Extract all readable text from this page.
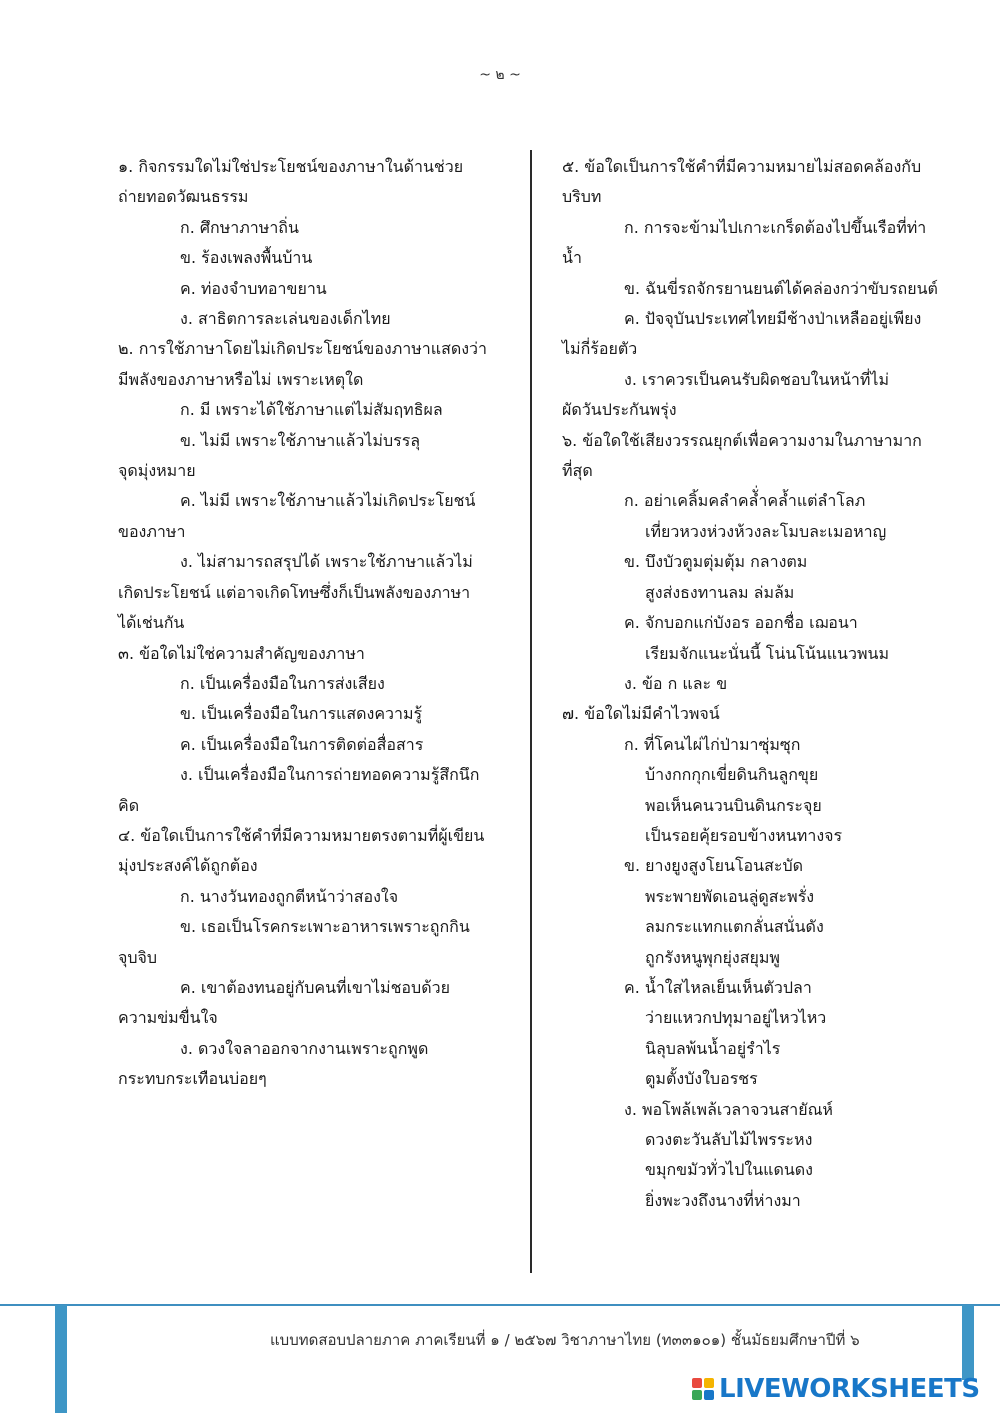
~ ๒ ~
๑. กิจกรรมใดไม่ใช่ประโยชน์ของภาษาในด้านช่วย
ถ่ายทอดวัฒนธรรม
ก. ศึกษาภาษาถิ่น
ข. ร้องเพลงพื้นบ้าน
ค. ท่องจำบทอาขยาน
ง. สาธิตการละเล่นของเด็กไทย
๒. การใช้ภาษาโดยไม่เกิดประโยชน์ของภาษาแสดงว่า
มีพลังของภาษาหรือไม่ เพราะเหตุใด
ก. มี เพราะได้ใช้ภาษาแต่ไม่สัมฤทธิผล
ข. ไม่มี เพราะใช้ภาษาแล้วไม่บรรลุ
จุดมุ่งหมาย
ค. ไม่มี เพราะใช้ภาษาแล้วไม่เกิดประโยชน์
ของภาษา
ง. ไม่สามารถสรุปได้ เพราะใช้ภาษาแล้วไม่
เกิดประโยชน์ แต่อาจเกิดโทษซึ่งก็เป็นพลังของภาษา
ได้เช่นกัน
๓. ข้อใดไม่ใช่ความสำคัญของภาษา
ก. เป็นเครื่องมือในการส่งเสียง
ข. เป็นเครื่องมือในการแสดงความรู้
ค. เป็นเครื่องมือในการติดต่อสื่อสาร
ง. เป็นเครื่องมือในการถ่ายทอดความรู้สึกนึก
คิด
๔. ข้อใดเป็นการใช้คำที่มีความหมายตรงตามที่ผู้เขียน
มุ่งประสงค์ได้ถูกต้อง
ก. นางวันทองถูกตีหน้าว่าสองใจ
ข. เธอเป็นโรคกระเพาะอาหารเพราะถูกกิน
จุบจิบ
ค. เขาต้องทนอยู่กับคนที่เขาไม่ชอบด้วย
ความข่มขื่นใจ
ง. ดวงใจลาออกจากงานเพราะถูกพูด
กระทบกระเทือนบ่อยๆ
๕. ข้อใดเป็นการใช้คำที่มีความหมายไม่สอดคล้องกับ
บริบท
ก. การจะข้ามไปเกาะเกร็ดต้องไปขึ้นเรือที่ท่า
น้ำ
ข. ฉันขี่รถจักรยานยนต์ได้คล่องกว่าขับรถยนต์
ค. ปัจจุบันประเทศไทยมีช้างป่าเหลืออยู่เพียง
ไม่กี่ร้อยตัว
ง. เราควรเป็นคนรับผิดชอบในหน้าที่ไม่
ผัดวันประกันพรุ่ง
๖. ข้อใดใช้เสียงวรรณยุกต์เพื่อความงามในภาษามาก
ที่สุด
ก. อย่าเคลิ้มคลำคลั่ำคล้ำแต่ลำโลภ
เที่ยวหวงห่วงห้วงละโมบละเมอหาญ
ข. บึงบัวตูมตุ่มตุ้ม กลางตม
สูงส่งธงทานลม ล่มล้ม
ค. จักบอกแก่บังอร ออกชื่อ เฌอนา
เรียมจักแนะนั่นนี้ โน่นโน้นแนวพนม
ง. ข้อ ก และ ข
๗. ข้อใดไม่มีคำไวพจน์
ก. ที่โคนไผ่ไก่ป่ามาซุ่มซุก
บ้างกกกุกเขี่ยดินกินลูกขุย
พอเห็นคนวนบินดินกระจุย
เป็นรอยคุ้ยรอบข้างหนทางจร
ข. ยางยูงสูงโยนโอนสะบัด
พระพายพัดเอนลู่ดูสะพรั่ง
ลมกระแทกแตกลั่นสนั่นดัง
ถูกรังหนูพุกยุ่งสยุมพู
ค. น้ำใสไหลเย็นเห็นตัวปลา
ว่ายแหวกปทุมาอยู่ไหวไหว
นิลุบลพ้นน้ำอยู่รำไร
ตูมตั้งบังใบอรชร
ง. พอโพล้เพล้เวลาจวนสายัณห์
ดวงตะวันลับไม้ไพรระหง
ขมุกขมัวทั่วไปในแดนดง
ยิ่งพะวงถึงนางที่ห่างมา
แบบทดสอบปลายภาค ภาคเรียนที่ ๑ / ๒๕๖๗ วิชาภาษาไทย (ท๓๓๑๐๑) ชั้นมัธยมศึกษาปีที่ ๖
LIVEWORKSHEETS
